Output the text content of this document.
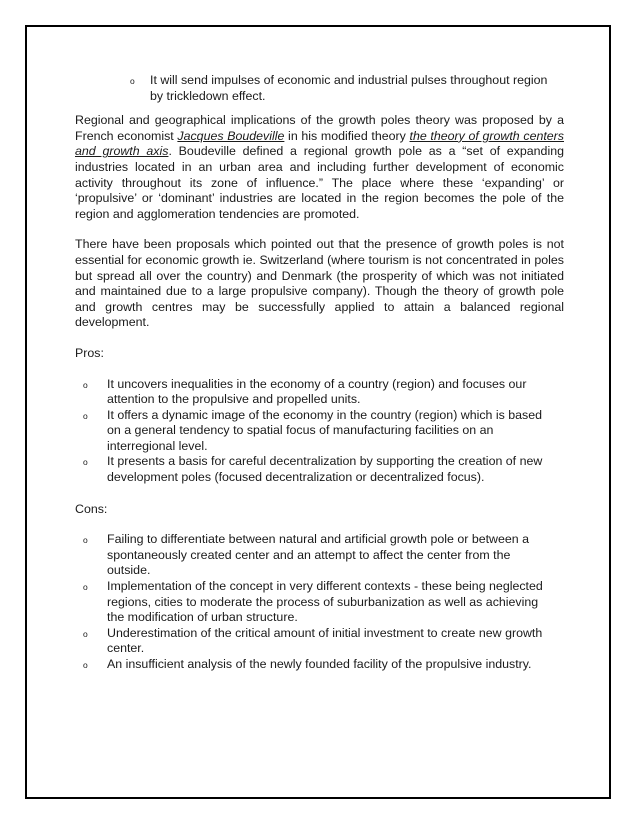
o	It will send impulses of economic and industrial pulses throughout region by trickledown effect.

Regional and geographical implications of the growth poles theory was proposed by a French economist Jacques Boudeville in his modified theory the theory of growth centers and growth axis. Boudeville defined a regional growth pole as a “set of expanding industries located in an urban area and including further development of economic activity throughout its zone of influence.” The place where these ‘expanding’ or ‘propulsive’ or ‘dominant’ industries are located in the region becomes the pole of the region and agglomeration tendencies are promoted.

There have been proposals which pointed out that the presence of growth poles is not essential for economic growth ie. Switzerland (where tourism is not concentrated in poles but spread all over the country) and Denmark (the prosperity of which was not initiated and maintained due to a large propulsive company). Though the theory of growth pole and growth centres may be successfully applied to attain a balanced regional development.

Pros:
o	It uncovers inequalities in the economy of a country (region) and focuses our attention to the propulsive and propelled units.
o	It offers a dynamic image of the economy in the country (region) which is based on a general tendency to spatial focus of manufacturing facilities on an interregional level.
o	It presents a basis for careful decentralization by supporting the creation of new development poles (focused decentralization or decentralized focus).
Cons:
o	Failing to differentiate between natural and artificial growth pole or between a spontaneously created center and an attempt to affect the center from the outside.
o	Implementation of the concept in very different contexts - these being neglected regions, cities to moderate the process of suburbanization as well as achieving the modification of urban structure.
o	Underestimation of the critical amount of initial investment to create new growth center.
o	An insufficient analysis of the newly founded facility of the propulsive industry.
